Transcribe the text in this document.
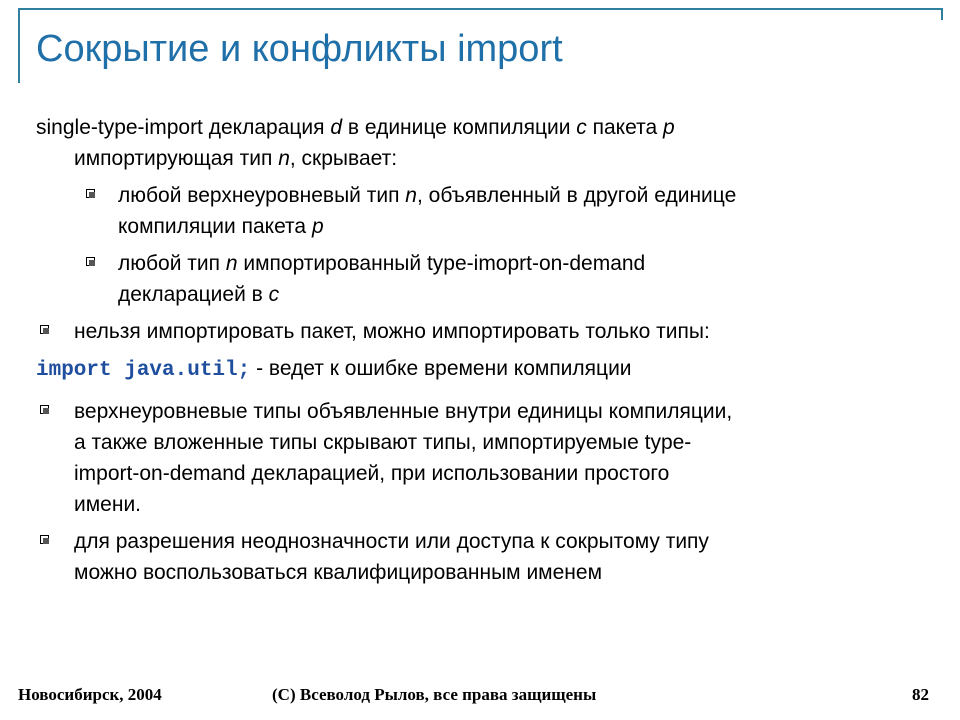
Сокрытие и конфликты import

single-type-import декларация d в единице компиляции c пакета p
импортирующая тип n, скрывает:

любой верхнеуровневый тип n, объявленный в другой единице
компиляции пакета p
любой тип n импортированный type-imoprt-on-demand
декларацией в c
нельзя импортировать пакет, можно импортировать только типы:
import java.util; - ведет к ошибке времени компиляции
верхнеуровневые типы объявленные внутри единицы компиляции,
а также вложенные типы скрывают типы, импортируемые type-
import-on-demand декларацией, при использовании простого
имени.
для разрешения неоднозначности или доступа к сокрытому типу
можно воспользоваться квалифицированным именем
Новосибирск, 2004	(С) Всеволод Рылов, все права защищены	82
